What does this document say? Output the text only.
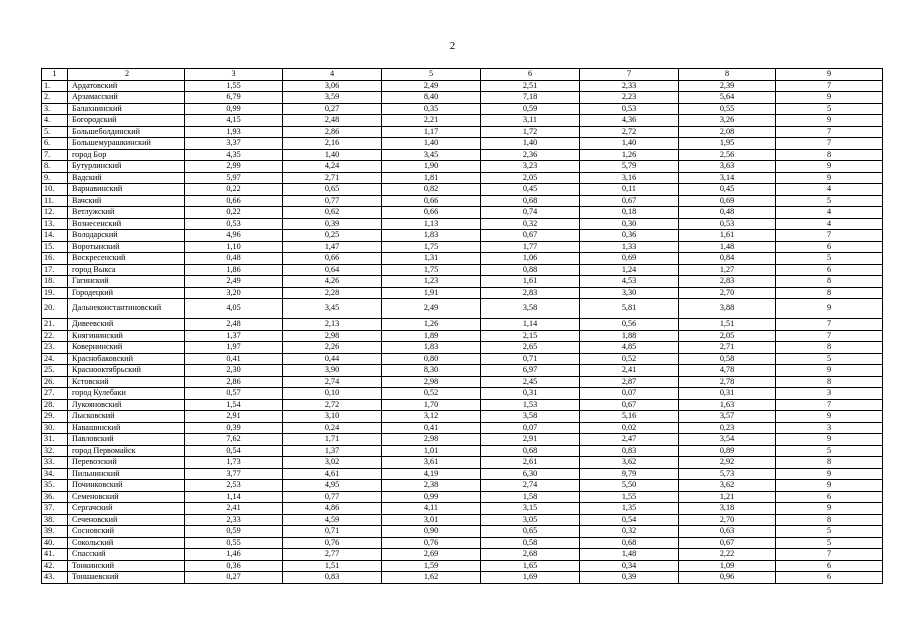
2
1	2	3	4	5	6	7	8	9
1.	Ардатовский	1,55	3,06	2,49	2,51	2,33	2,39	7
2.	Арзамасский	6,79	3,59	8,40	7,18	2,23	5,64	9
3.	Балахнинский	0,99	0,27	0,35	0,59	0,53	0,55	5
4.	Богородский	4,15	2,48	2,21	3,11	4,36	3,26	9
5.	Большеболдинский	1,93	2,86	1,17	1,72	2,72	2,08	7
6.	Большемурашкинский	3,37	2,16	1,40	1,40	1,40	1,95	7
7.	город Бор	4,35	1,40	3,45	2,36	1,26	2,56	8
8.	Бутурлинский	2,99	4,24	1,90	3,23	5,79	3,63	9
9.	Вадский	5,97	2,71	1,81	2,05	3,16	3,14	9
10.	Варнавинский	0,22	0,65	0,82	0,45	0,11	0,45	4
11.	Вачский	0,66	0,77	0,66	0,68	0,67	0,69	5
12.	Ветлужский	0,22	0,62	0,66	0,74	0,18	0,48	4
13.	Вознесенский	0,53	0,39	1,13	0,32	0,30	0,53	4
14.	Володарский	4,96	0,25	1,83	0,67	0,36	1,61	7
15.	Воротынский	1,10	1,47	1,75	1,77	1,33	1,48	6
16.	Воскресенский	0,48	0,66	1,31	1,06	0,69	0,84	5
17.	город Выкса	1,86	0,64	1,75	0,88	1,24	1,27	6
18.	Гагинский	2,49	4,26	1,23	1,61	4,53	2,83	8
19.	Городецкий	3,20	2,28	1,91	2,83	3,30	2,70	8
20.	Дальнеконстантиновский	4,05	3,45	2,49	3,58	5,81	3,88	9
21.	Дивеевский	2,48	2,13	1,26	1,14	0,56	1,51	7
22.	Княгининский	1,37	2,98	1,89	2,15	1,88	2,05	7
23.	Ковернинский	1,97	2,26	1,83	2,65	4,85	2,71	8
24.	Краснобаковский	0,41	0,44	0,80	0,71	0,52	0,58	5
25.	Краснооктябрьский	2,30	3,90	8,30	6,97	2,41	4,78	9
26.	Кстовский	2,86	2,74	2,98	2,45	2,87	2,78	8
27.	город Кулебаки	0,57	0,10	0,52	0,31	0,07	0,31	3
28.	Лукояновский	1,54	2,72	1,70	1,53	0,67	1,63	7
29.	Лысковский	2,91	3,10	3,12	3,58	5,16	3,57	9
30.	Навашинский	0,39	0,24	0,41	0,07	0,02	0,23	3
31.	Павловский	7,62	1,71	2,98	2,91	2,47	3,54	9
32.	город Первомайск	0,54	1,37	1,01	0,68	0,83	0,89	5
33.	Перевозский	1,73	3,02	3,61	2,61	3,62	2,92	8
34.	Пильнинский	3,77	4,61	4,19	6,30	9,79	5,73	9
35.	Починковский	2,53	4,95	2,38	2,74	5,50	3,62	9
36.	Семеновский	1,14	0,77	0,99	1,58	1,55	1,21	6
37.	Сергачский	2,41	4,86	4,11	3,15	1,35	3,18	9
38.	Сеченовский	2,33	4,59	3,01	3,05	0,54	2,70	8
39.	Сосновский	0,59	0,71	0,90	0,65	0,32	0,63	5
40.	Сокольский	0,55	0,76	0,76	0,58	0,68	0,67	5
41.	Спасский	1,46	2,77	2,69	2,68	1,48	2,22	7
42.	Тонкинский	0,36	1,51	1,59	1,65	0,34	1,09	6
43.	Тоншаевский	0,27	0,83	1,62	1,69	0,39	0,96	6
